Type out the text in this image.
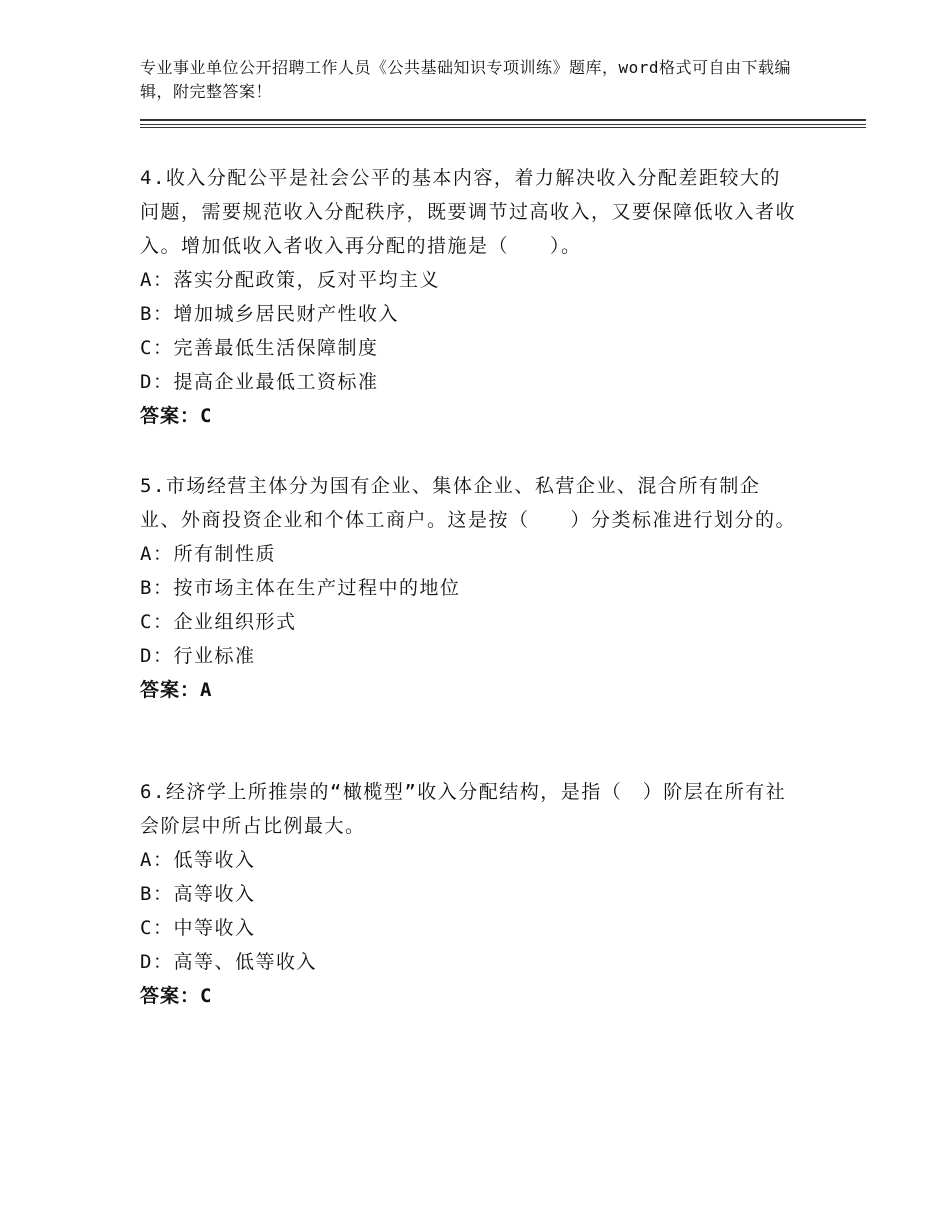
专业事业单位公开招聘工作人员《公共基础知识专项训练》题库，word格式可自由下载编辑，附完整答案！

4.收入分配公平是社会公平的基本内容，着力解决收入分配差距较大的问题，需要规范收入分配秩序，既要调节过高收入，又要保障低收入者收入。增加低收入者收入再分配的措施是（　　）。

A：落实分配政策，反对平均主义

B：增加城乡居民财产性收入

C：完善最低生活保障制度

D：提高企业最低工资标准

答案：C

5.市场经营主体分为国有企业、集体企业、私营企业、混合所有制企业、外商投资企业和个体工商户。这是按（　　）分类标准进行划分的。

A：所有制性质

B：按市场主体在生产过程中的地位

C：企业组织形式

D：行业标准

答案：A

6.经济学上所推崇的“橄榄型”收入分配结构，是指（　）阶层在所有社会阶层中所占比例最大。

A：低等收入

B：高等收入

C：中等收入

D：高等、低等收入

答案：C
